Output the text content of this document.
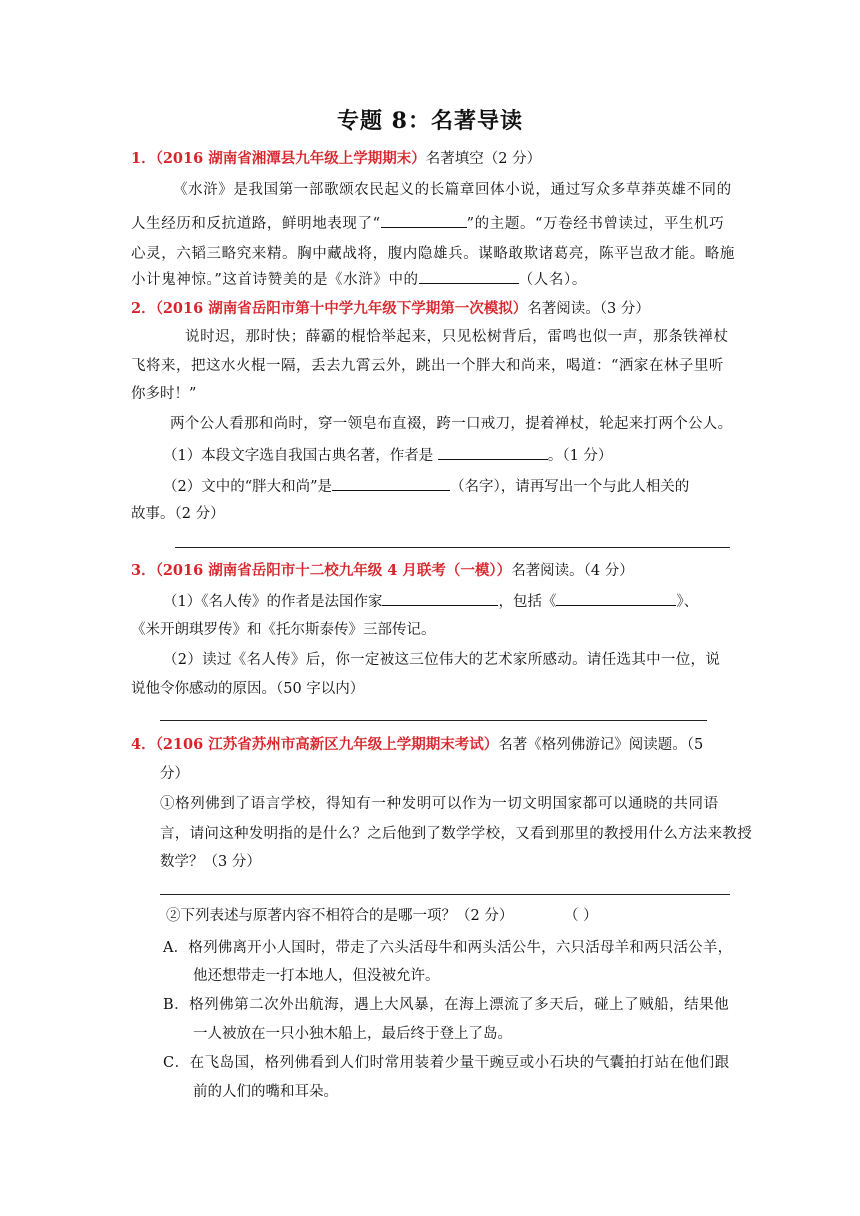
专题 8：名著导读
1．（2016 湖南省湘潭县九年级上学期期末）名著填空（2 分）
《水浒》是我国第一部歌颂农民起义的长篇章回体小说，通过写众多草莽英雄不同的
人生经历和反抗道路，鲜明地表现了“	”的主题。“万卷经书曾读过，平生机巧
心灵，六韬三略究来精。胸中藏战将，腹内隐雄兵。谋略敢欺诸葛亮，陈平岂敌才能。略施
小计鬼神惊。”这首诗赞美的是《水浒》中的	（人名）。
2．（2016 湖南省岳阳市第十中学九年级下学期第一次模拟）名著阅读。（3 分）
说时迟，那时快；薛霸的棍恰举起来，只见松树背后，雷鸣也似一声，那条铁禅杖
飞将来，把这水火棍一隔，丢去九霄云外，跳出一个胖大和尚来，喝道：“洒家在林子里听
你多时！”
两个公人看那和尚时，穿一领皂布直裰，跨一口戒刀，提着禅杖，轮起来打两个公人。
（1）本段文字选自我国古典名著，作者是	。（1 分）
（2）文中的“胖大和尚”是	（名字），请再写出一个与此人相关的
故事。（2 分）
3．（2016 湖南省岳阳市十二校九年级 4 月联考（一模））名著阅读。（4 分）
（1）《名人传》的作者是法国作家	，包括《	》、
《米开朗琪罗传》和《托尔斯泰传》三部传记。
（2）读过《名人传》后，你一定被这三位伟大的艺术家所感动。请任选其中一位，说
说他令你感动的原因。（50 字以内）
4．（2106 江苏省苏州市高新区九年级上学期期末考试）名著《格列佛游记》阅读题。（5
分）
①格列佛到了语言学校，得知有一种发明可以作为一切文明国家都可以通晓的共同语
言，请问这种发明指的是什么？之后他到了数学学校，又看到那里的教授用什么方法来教授
数学？（3 分）
②下列表述与原著内容不相符合的是哪一项？（2 分）	（ ）
A．格列佛离开小人国时，带走了六头活母牛和两头活公牛，六只活母羊和两只活公羊，
他还想带走一打本地人，但没被允许。
B．格列佛第二次外出航海，遇上大风暴，在海上漂流了多天后，碰上了贼船，结果他
一人被放在一只小独木船上，最后终于登上了岛。
C．在飞岛国，格列佛看到人们时常用装着少量干豌豆或小石块的气囊拍打站在他们跟
前的人们的嘴和耳朵。
